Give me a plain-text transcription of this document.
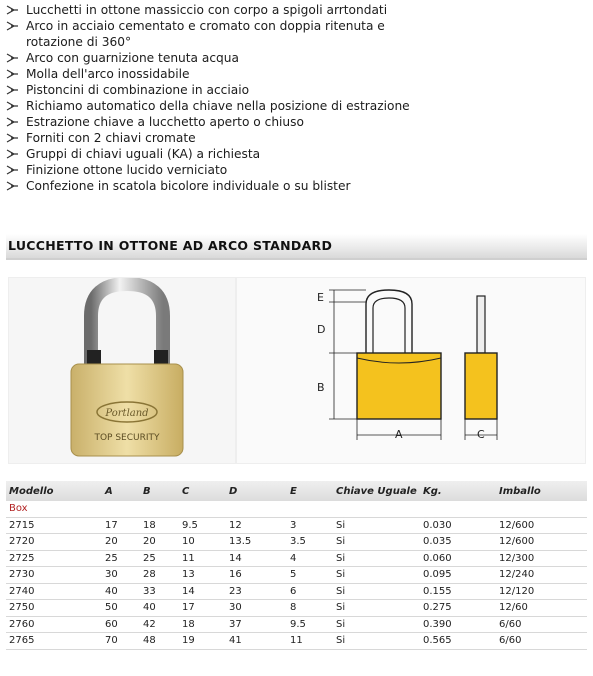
Lucchetti in ottone massiccio con corpo a spigoli arrtondati
Arco in acciaio cementato e cromato con doppia ritenuta e
rotazione di 360°
Arco con guarnizione tenuta acqua
Molla dell'arco inossidabile
Pistoncini di combinazione in acciaio
Richiamo automatico della chiave nella posizione di estrazione
Estrazione chiave a lucchetto aperto o chiuso
Forniti con 2 chiavi cromate
Gruppi di chiavi uguali (KA) a richiesta
Finizione ottone lucido verniciato
Confezione in scatola bicolore individuale o su blister
LUCCHETTO IN OTTONE AD ARCO STANDARD
Portland
TOP SECURITY
E
D
B
A	C
Modello	A	B	C	D	E	Chiave Uguale	Kg.	Imballo
Box								
2715	17	18	9.5	12	3	Si	0.030	12/600
2720	20	20	10	13.5	3.5	Si	0.035	12/600
2725	25	25	11	14	4	Si	0.060	12/300
2730	30	28	13	16	5	Si	0.095	12/240
2740	40	33	14	23	6	Si	0.155	12/120
2750	50	40	17	30	8	Si	0.275	12/60
2760	60	42	18	37	9.5	Si	0.390	6/60
2765	70	48	19	41	11	Si	0.565	6/60
